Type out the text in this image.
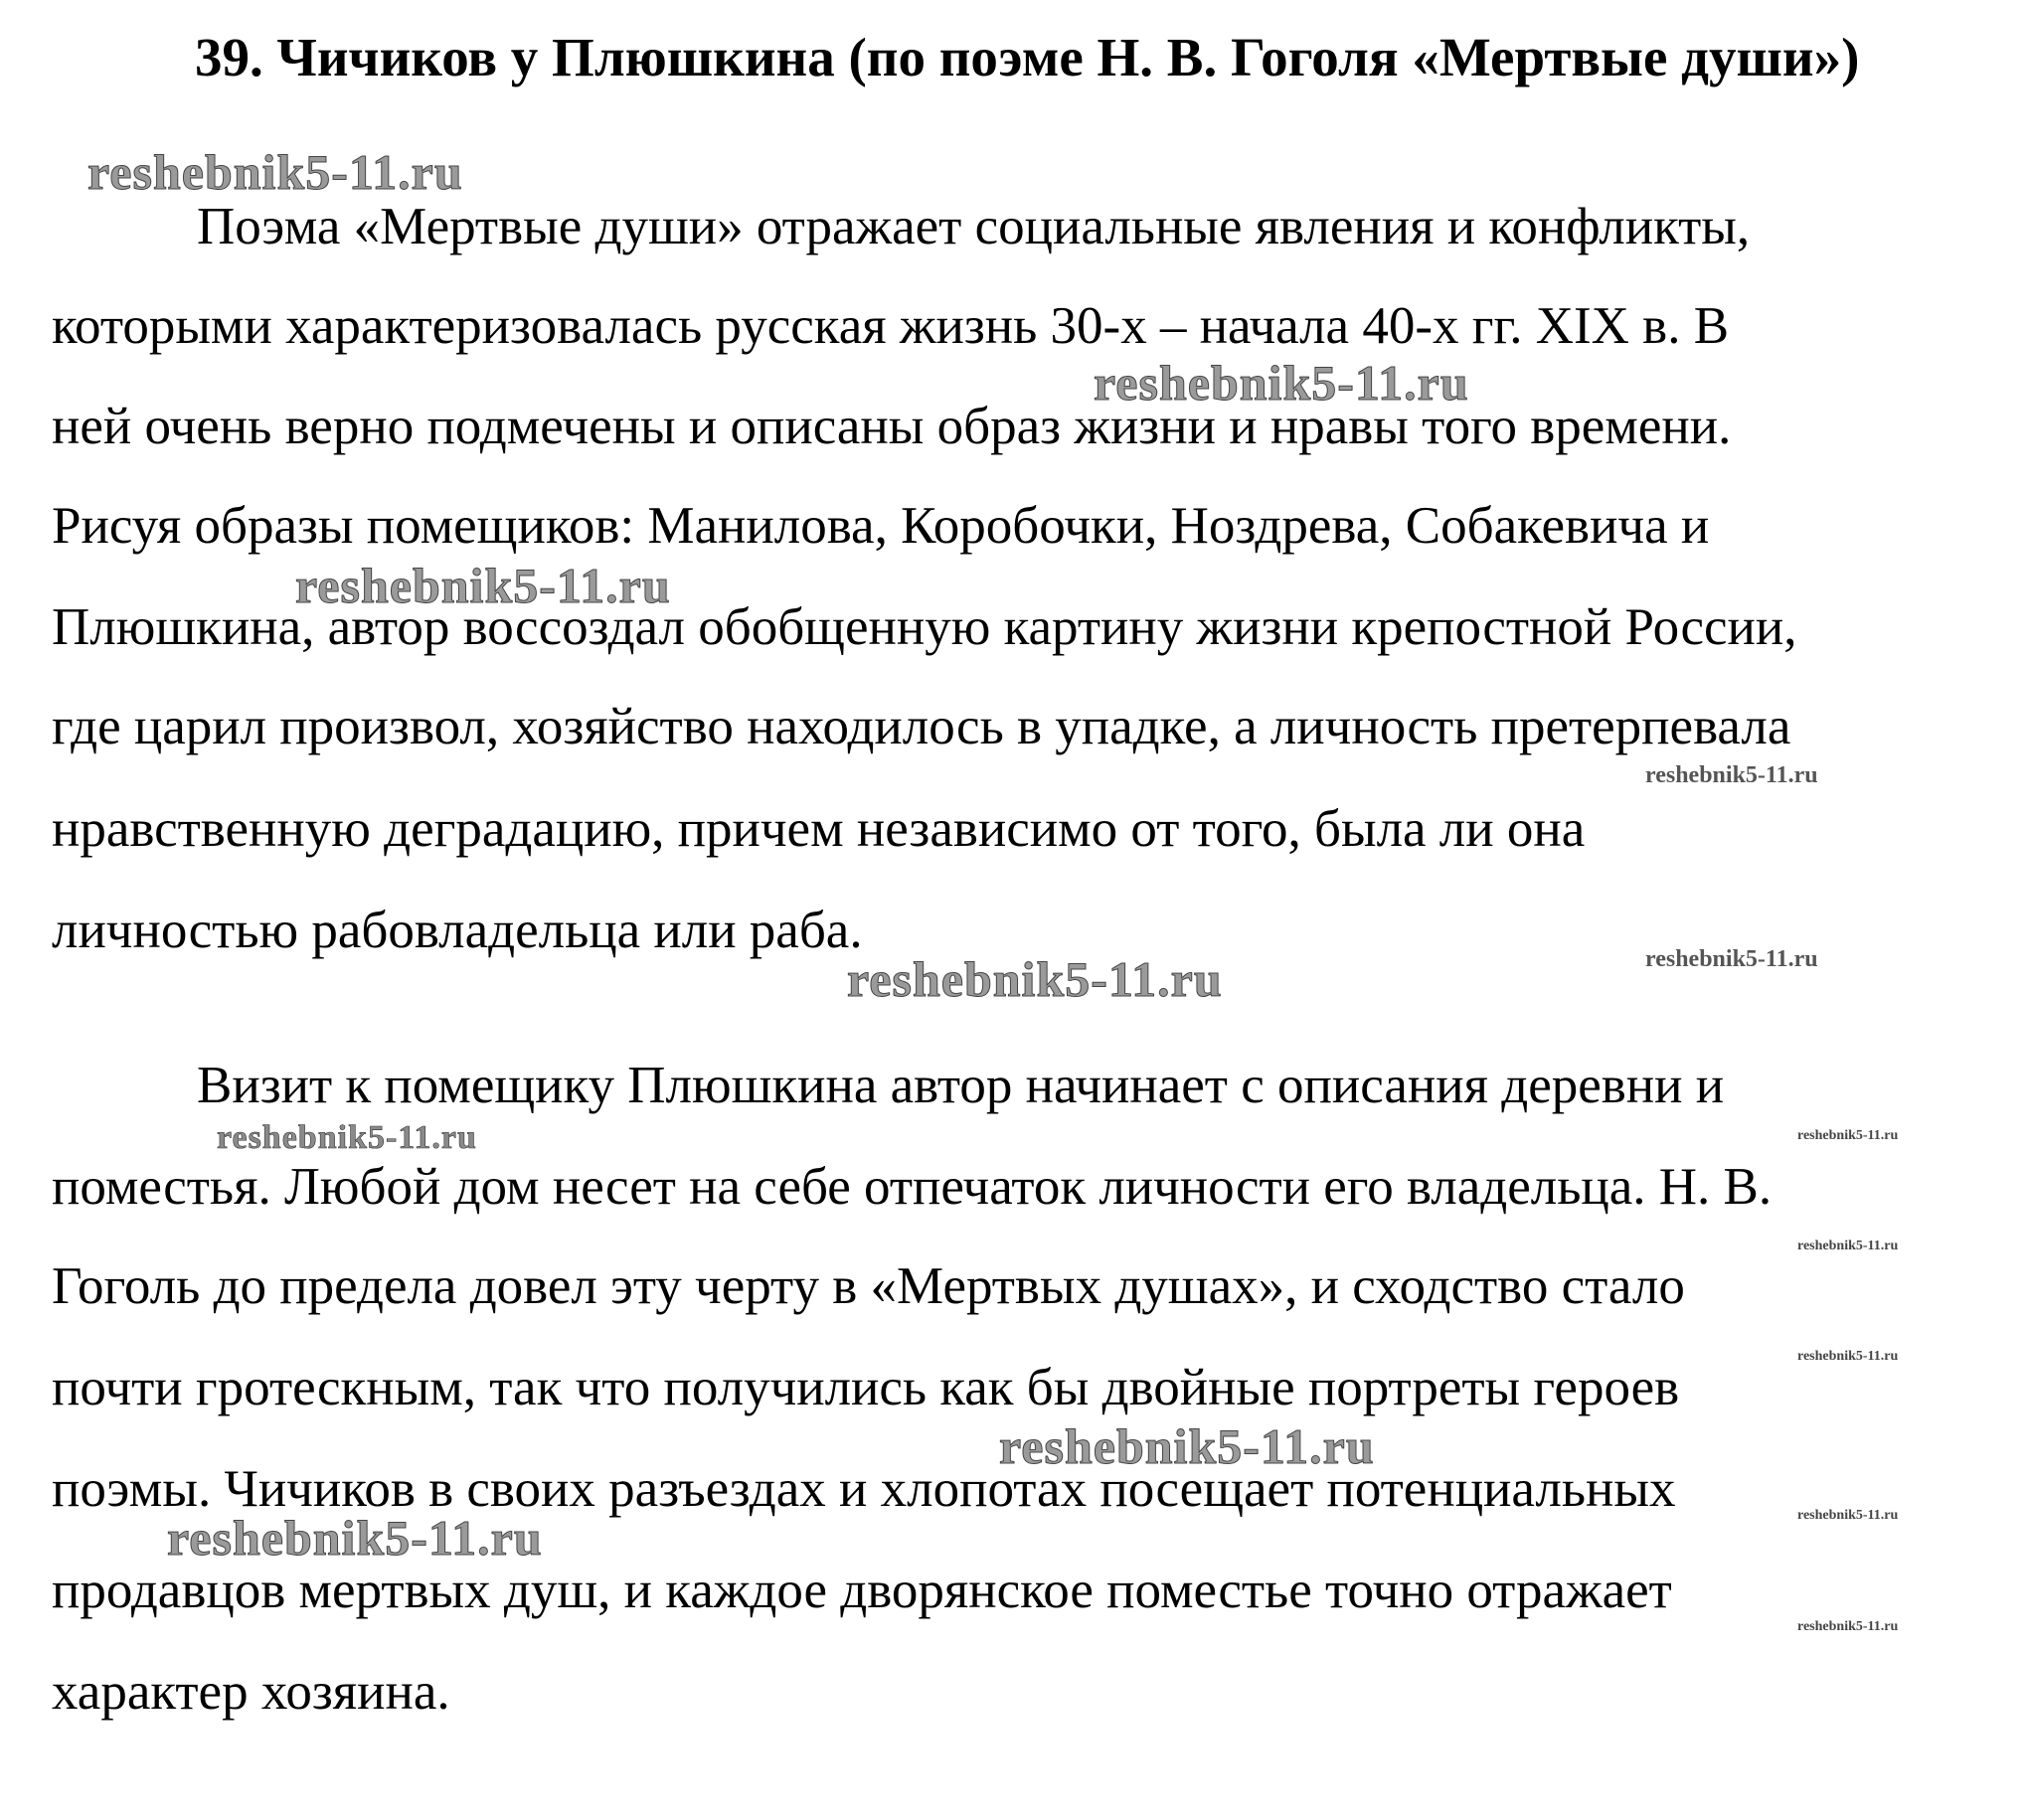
39. Чичиков у Плюшкина (по поэме Н. В. Гоголя «Мертвые души»)
Поэма «Мертвые души» отражает социальные явления и конфликты,
которыми характеризовалась русская жизнь 30-х – начала 40-х гг. XIX в. В
ней очень верно подмечены и описаны образ жизни и нравы того времени.
Рисуя образы помещиков: Манилова, Коробочки, Ноздрева, Собакевича и
Плюшкина, автор воссоздал обобщенную картину жизни крепостной России,
где царил произвол, хозяйство находилось в упадке, а личность претерпевала
нравственную деградацию, причем независимо от того, была ли она
личностью рабовладельца или раба.
Визит к помещику Плюшкина автор начинает с описания деревни и
поместья. Любой дом несет на себе отпечаток личности его владельца. Н. В.
Гоголь до предела довел эту черту в «Мертвых душах», и сходство стало
почти гротескным, так что получились как бы двойные портреты героев
поэмы. Чичиков в своих разъездах и хлопотах посещает потенциальных
продавцов мертвых душ, и каждое дворянское поместье точно отражает
характер хозяина.
reshebnik5-11.ru
reshebnik5-11.ru
reshebnik5-11.ru
reshebnik5-11.ru
reshebnik5-11.ru	reshebnik5-11.ru
reshebnik5-11.ru	reshebnik5-11.ru
reshebnik5-11.ru
reshebnik5-11.ru
reshebnik5-11.ru
reshebnik5-11.ru	reshebnik5-11.ru
reshebnik5-11.ru
